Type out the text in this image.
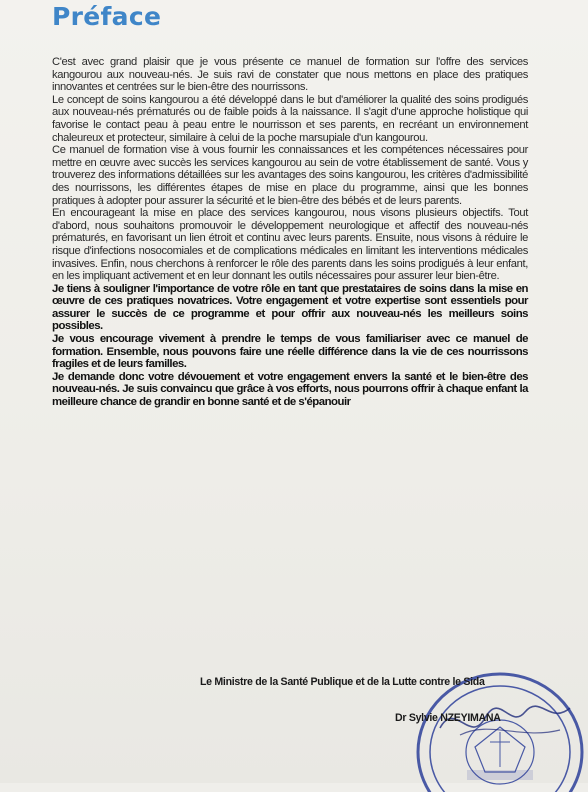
Préface

C'est avec grand plaisir que je vous présente ce manuel de formation sur l'offre des services kangourou aux nouveau-nés. Je suis ravi de constater que nous mettons en place des pratiques innovantes et centrées sur le bien-être des nourrissons.

Le concept de soins kangourou a été développé dans le but d'améliorer la qualité des soins prodigués aux nouveau-nés prématurés ou de faible poids à la naissance. Il s'agit d'une approche holistique qui favorise le contact peau à peau entre le nourrisson et ses parents, en recréant un environnement chaleureux et protecteur, similaire à celui de la poche marsupiale d'un kangourou.

Ce manuel de formation vise à vous fournir les connaissances et les compétences nécessaires pour mettre en œuvre avec succès les services kangourou au sein de votre établissement de santé. Vous y trouverez des informations détaillées sur les avantages des soins kangourou, les critères d'admissibilité des nourrissons, les différentes étapes de mise en place du programme, ainsi que les bonnes pratiques à adopter pour assurer la sécurité et le bien-être des bébés et de leurs parents.

En encourageant la mise en place des services kangourou, nous visons plusieurs objectifs. Tout d'abord, nous souhaitons promouvoir le développement neurologique et affectif des nouveau-nés prématurés, en favorisant un lien étroit et continu avec leurs parents. Ensuite, nous visons à réduire le risque d'infections nosocomiales et de complications médicales en limitant les interventions médicales invasives. Enfin, nous cherchons à renforcer le rôle des parents dans les soins prodigués à leur enfant, en les impliquant activement et en leur donnant les outils nécessaires pour assurer leur bien-être.

Je tiens à souligner l'importance de votre rôle en tant que prestataires de soins dans la mise en œuvre de ces pratiques novatrices. Votre engagement et votre expertise sont essentiels pour assurer le succès de ce programme et pour offrir aux nouveau-nés les meilleurs soins possibles.

Je vous encourage vivement à prendre le temps de vous familiariser avec ce manuel de formation. Ensemble, nous pouvons faire une réelle différence dans la vie de ces nourrissons fragiles et de leurs familles.

Je demande donc votre dévouement et votre engagement envers la santé et le bien-être des nouveau-nés. Je suis convaincu que grâce à vos efforts, nous pourrons offrir à chaque enfant la meilleure chance de grandir en bonne santé et de s'épanouir

Le Ministre de la Santé Publique et de la Lutte contre le Sida
Dr Sylvie NZEYIMANA
